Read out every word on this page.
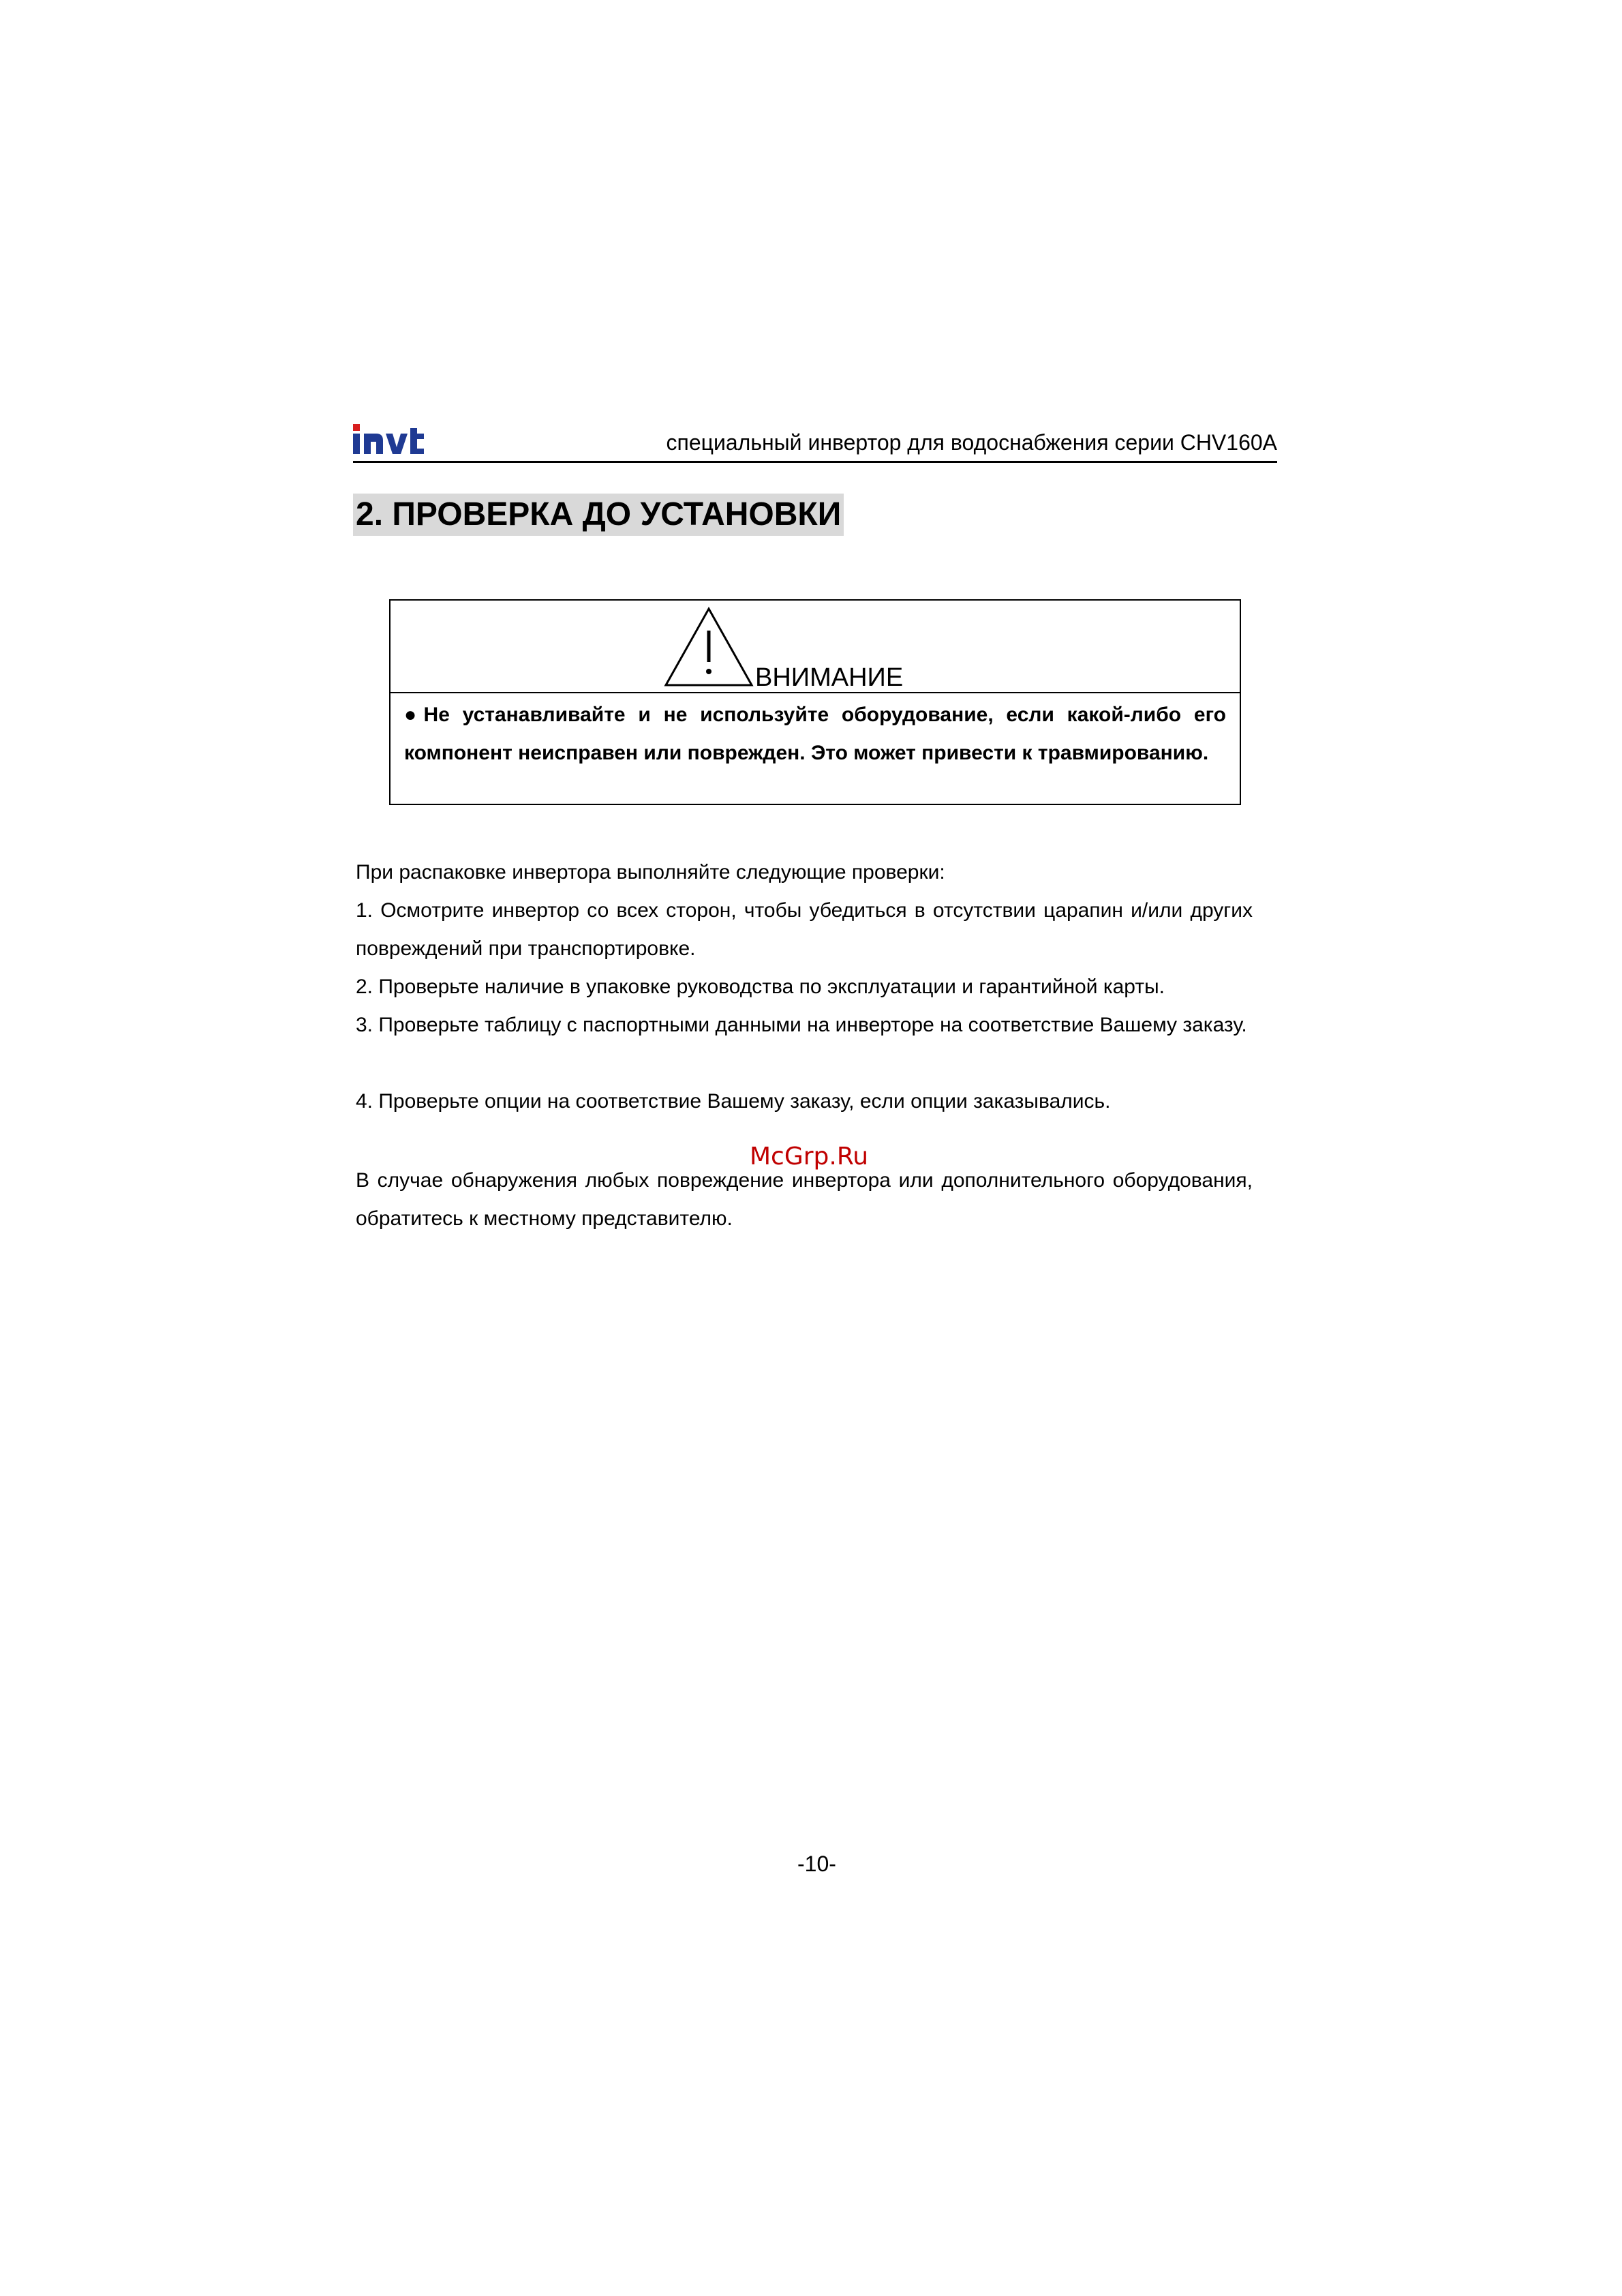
специальный инвертор для водоснабжения серии CHV160A
2. ПРОВЕРКА ДО УСТАНОВКИ
ВНИМАНИЕ
●Не устанавливайте и не используйте оборудование, если какой-либо его компонент неисправен или поврежден. Это может привести к травмированию.
При распаковке инвертора выполняйте следующие проверки:
1. Осмотрите инвертор со всех сторон, чтобы убедиться в отсутствии царапин и/или других повреждений при транспортировке.
2. Проверьте наличие в упаковке руководства по эксплуатации и гарантийной карты.
3. Проверьте таблицу с паспортными данными на инверторе на соответствие Вашему заказу.
4. Проверьте опции на соответствие Вашему заказу, если опции заказывались.
McGrp.Ru
В случае обнаружения любых повреждение инвертора или дополнительного оборудования, обратитесь к местному представителю.
-10-
